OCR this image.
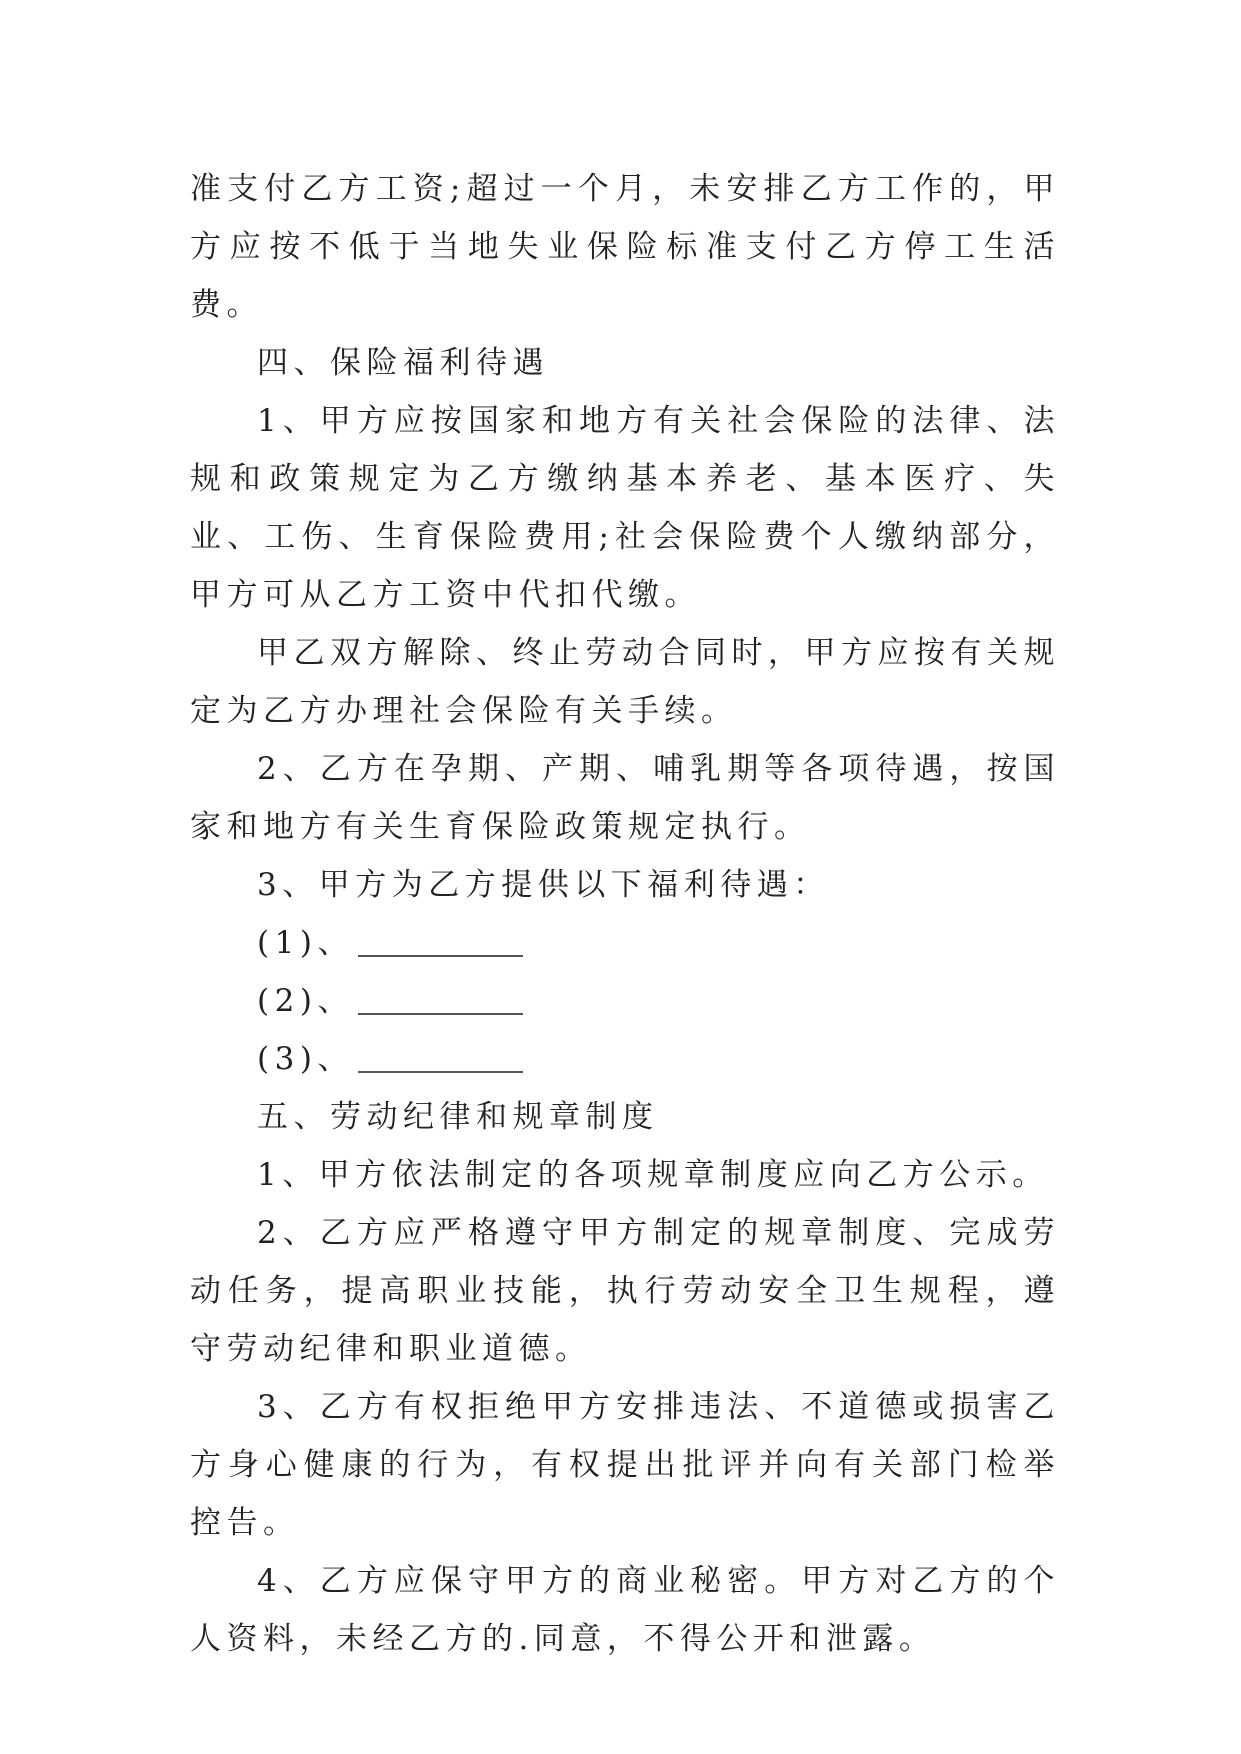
准支付乙方工资;超过一个月，未安排乙方工作的，甲方应按不低于当地失业保险标准支付乙方停工生活费。

四、保险福利待遇

1、甲方应按国家和地方有关社会保险的法律、法规和政策规定为乙方缴纳基本养老、基本医疗、失业、工伤、生育保险费用;社会保险费个人缴纳部分，甲方可从乙方工资中代扣代缴。

甲乙双方解除、终止劳动合同时，甲方应按有关规定为乙方办理社会保险有关手续。

2、乙方在孕期、产期、哺乳期等各项待遇，按国家和地方有关生育保险政策规定执行。

3、甲方为乙方提供以下福利待遇：

(1)、

(2)、

(3)、

五、劳动纪律和规章制度

1、甲方依法制定的各项规章制度应向乙方公示。

2、乙方应严格遵守甲方制定的规章制度、完成劳动任务，提高职业技能，执行劳动安全卫生规程，遵守劳动纪律和职业道德。

3、乙方有权拒绝甲方安排违法、不道德或损害乙方身心健康的行为，有权提出批评并向有关部门检举控告。

4、乙方应保守甲方的商业秘密。甲方对乙方的个人资料，未经乙方的.同意，不得公开和泄露。
